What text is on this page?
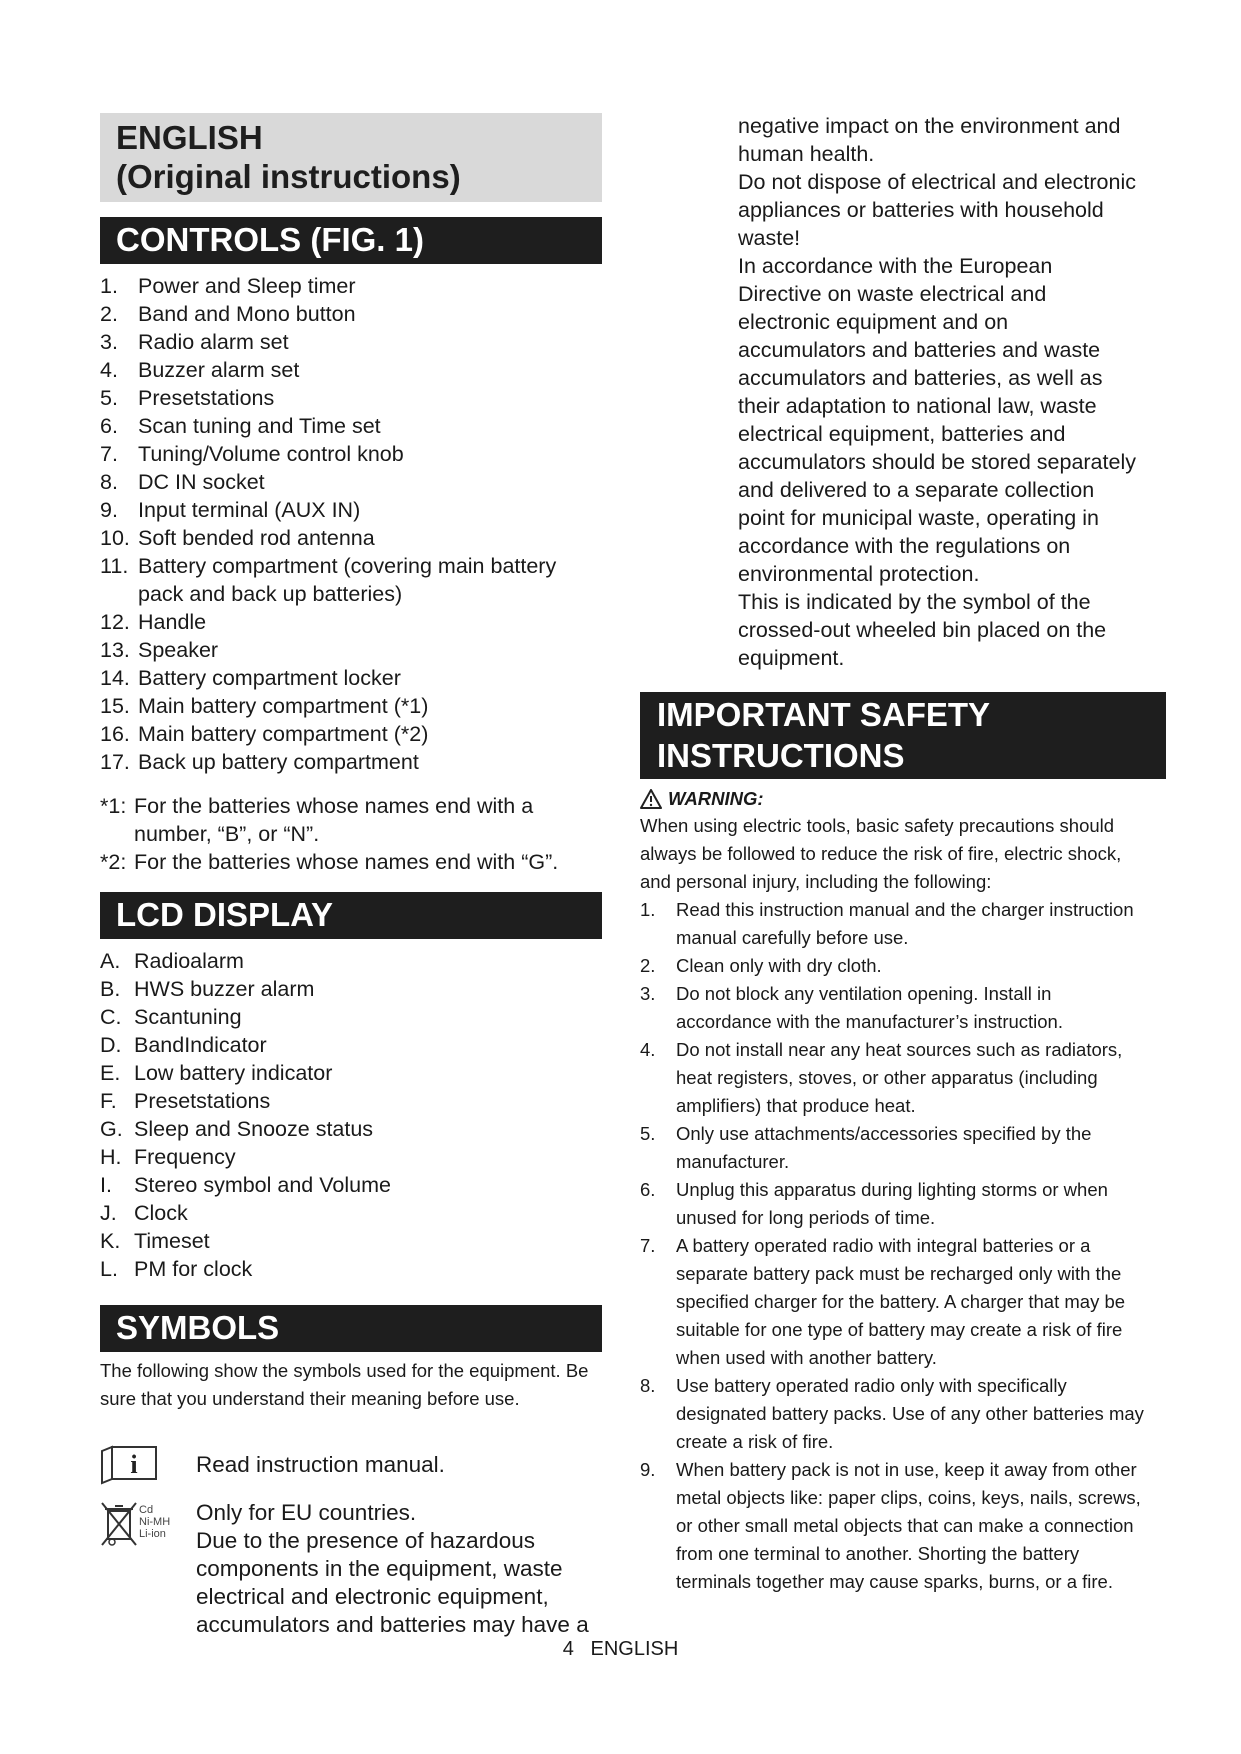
ENGLISH
(Original instructions)
CONTROLS (FIG. 1)
1. Power and Sleep timer
2. Band and Mono button
3. Radio alarm set
4. Buzzer alarm set
5. Presetstations
6. Scan tuning and Time set
7. Tuning/Volume control knob
8. DC IN socket
9. Input terminal (AUX IN)
10. Soft bended rod antenna
11. Battery compartment (covering main battery pack and back up batteries)
12. Handle
13. Speaker
14. Battery compartment locker
15. Main battery compartment (*1)
16. Main battery compartment (*2)
17. Back up battery compartment
*1: For the batteries whose names end with a number, “B”, or “N”.
*2: For the batteries whose names end with “G”.
LCD DISPLAY
A. Radioalarm
B. HWS buzzer alarm
C. Scantuning
D. BandIndicator
E. Low battery indicator
F. Presetstations
G. Sleep and Snooze status
H. Frequency
I. Stereo symbol and Volume
J. Clock
K. Timeset
L. PM for clock
SYMBOLS
The following show the symbols used for the equipment. Be sure that you understand their meaning before use.
i	Read instruction manual.
Cd
Ni-MH
Li-ion
Only for EU countries.
Due to the presence of hazardous components in the equipment, waste electrical and electronic equipment, accumulators and batteries may have a
negative impact on the environment and human health.
Do not dispose of electrical and electronic appliances or batteries with household waste!
In accordance with the European Directive on waste electrical and electronic equipment and on accumulators and batteries and waste accumulators and batteries, as well as their adaptation to national law, waste electrical equipment, batteries and accumulators should be stored separately and delivered to a separate collection point for municipal waste, operating in accordance with the regulations on environmental protection.
This is indicated by the symbol of the crossed-out wheeled bin placed on the equipment.
IMPORTANT SAFETY
INSTRUCTIONS
WARNING:
When using electric tools, basic safety precautions should always be followed to reduce the risk of fire, electric shock, and personal injury, including the following:
1. Read this instruction manual and the charger instruction manual carefully before use.
2. Clean only with dry cloth.
3. Do not block any ventilation opening. Install in accordance with the manufacturer’s instruction.
4. Do not install near any heat sources such as radiators, heat registers, stoves, or other apparatus (including amplifiers) that produce heat.
5. Only use attachments/accessories specified by the manufacturer.
6. Unplug this apparatus during lighting storms or when unused for long periods of time.
7. A battery operated radio with integral batteries or a separate battery pack must be recharged only with the specified charger for the battery. A charger that may be suitable for one type of battery may create a risk of fire when used with another battery.
8. Use battery operated radio only with specifically designated battery packs. Use of any other batteries may create a risk of fire.
9. When battery pack is not in use, keep it away from other metal objects like: paper clips, coins, keys, nails, screws, or other small metal objects that can make a connection from one terminal to another. Shorting the battery terminals together may cause sparks, burns, or a fire.
4 ENGLISH
